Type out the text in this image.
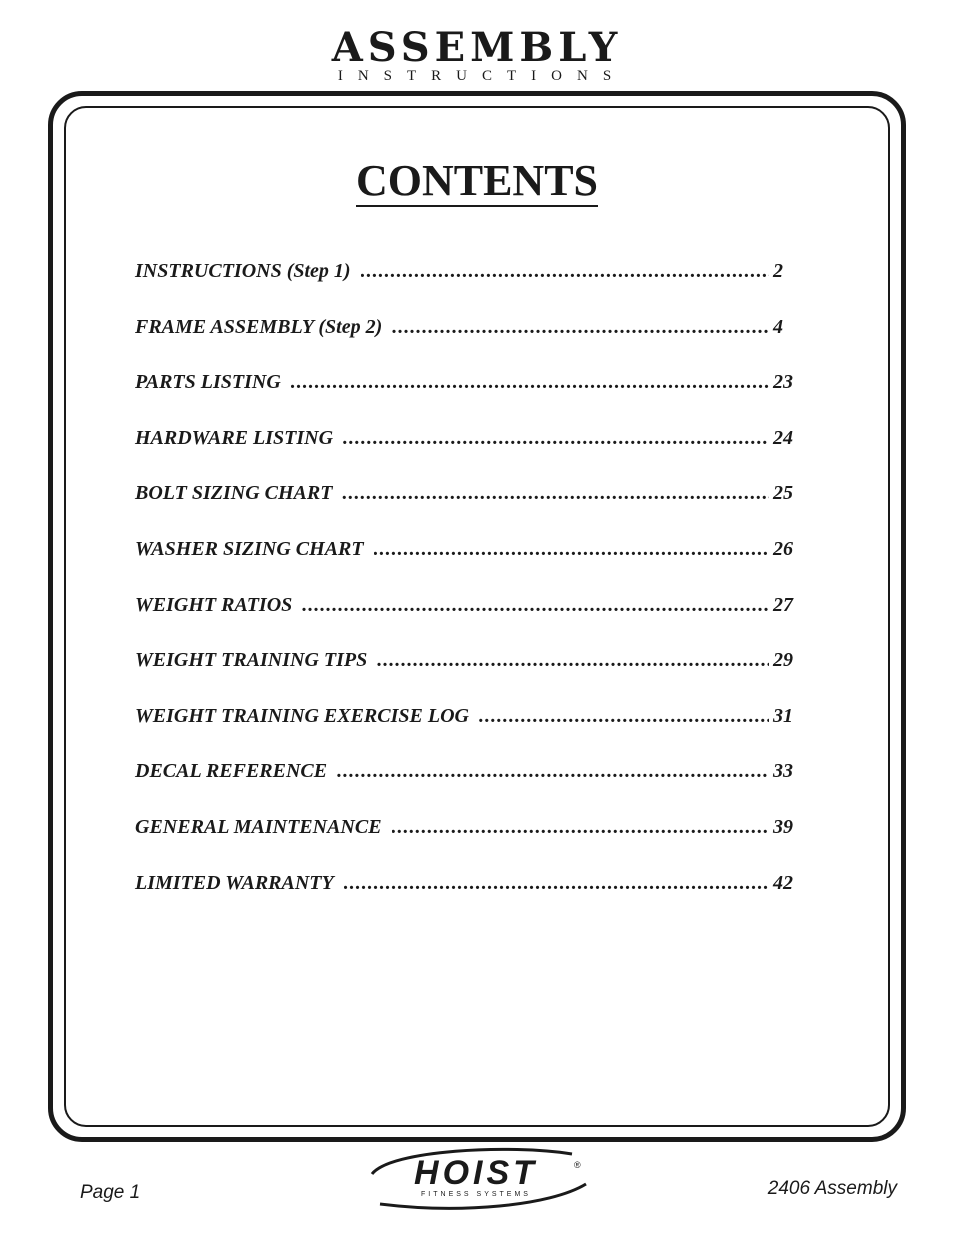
ASSEMBLY
INSTRUCTIONS
CONTENTS
INSTRUCTIONS (Step 1) .....	2
FRAME ASSEMBLY (Step 2) .....	4
PARTS LISTING .....	23
HARDWARE LISTING .....	24
BOLT SIZING CHART .....	25
WASHER SIZING CHART .....	26
WEIGHT RATIOS .....	27
WEIGHT TRAINING TIPS .....	29
WEIGHT TRAINING EXERCISE LOG .....	31
DECAL REFERENCE .....	33
GENERAL MAINTENANCE .....	39
LIMITED WARRANTY .....	42
Page 1
HOIST	®
FITNESS SYSTEMS	2406 Assembly
